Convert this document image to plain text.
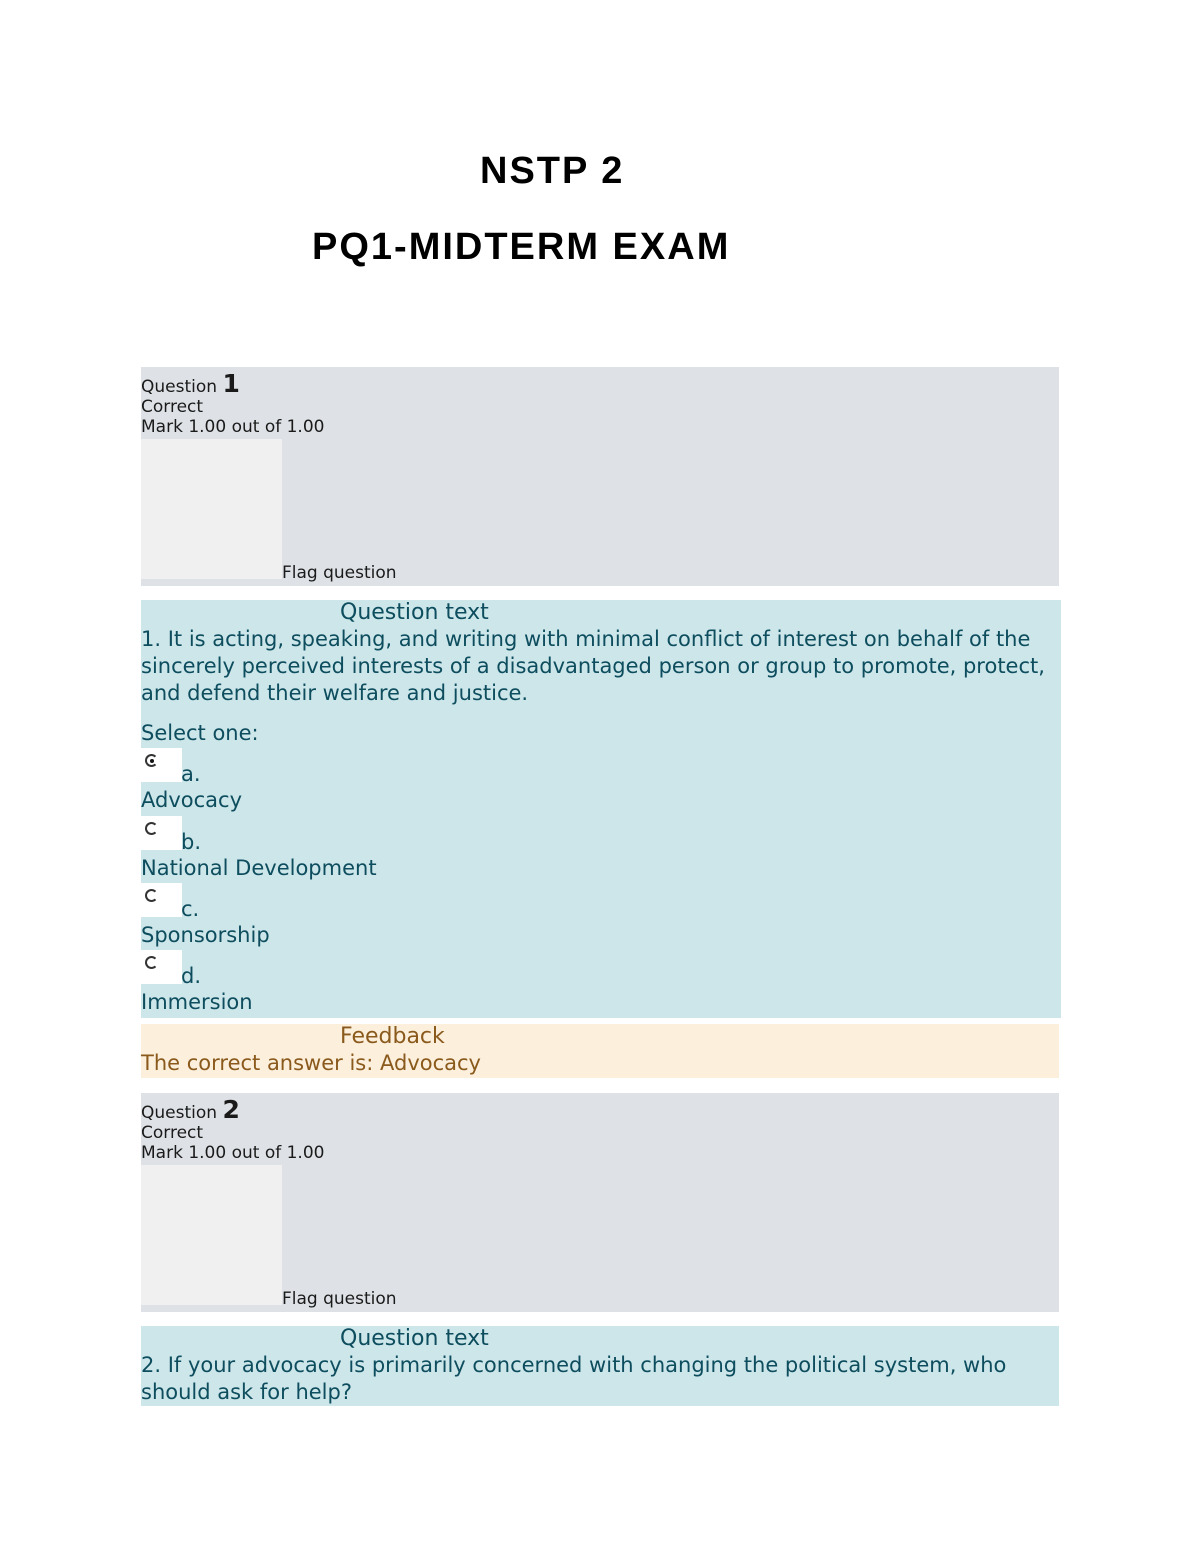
NSTP 2
PQ1-MIDTERM EXAM
Question 1
Correct
Mark 1.00 out of 1.00
Flag question
Question text

1. It is acting, speaking, and writing with minimal conflict of interest on behalf of the sincerely perceived interests of a disadvantaged person or group to promote, protect, and defend their welfare and justice.

Select one:
a.
Advocacy
b.
National Development
c.
Sponsorship
d.
Immersion
Feedback
The correct answer is: Advocacy
Question 2
Correct
Mark 1.00 out of 1.00
Flag question
Question text

2. If your advocacy is primarily concerned with changing the political system, who should ask for help?
